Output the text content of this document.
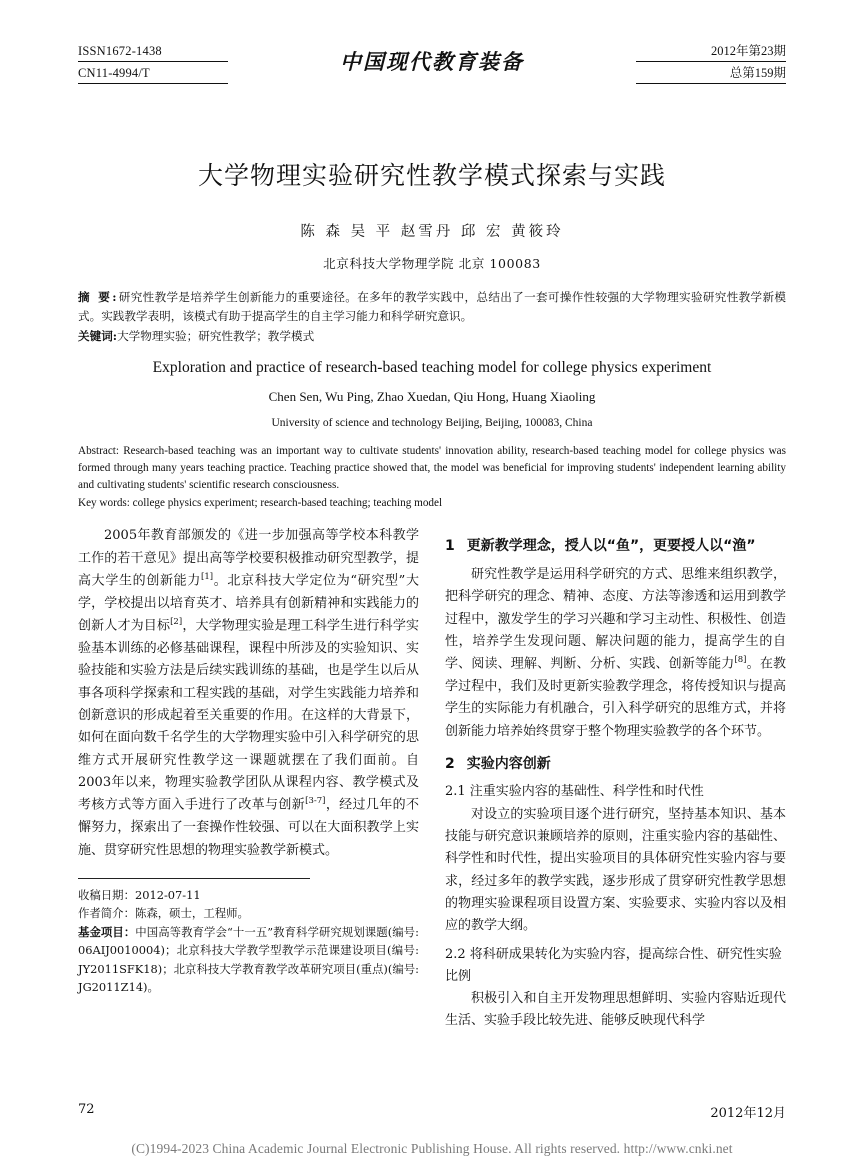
ISSN1672-1438
CN11-4994/T	中国现代教育装备	2012年第23期
总第159期
大学物理实验研究性教学模式探索与实践
陈 森 吴 平 赵雪丹 邱 宏 黄筱玲
北京科技大学物理学院 北京 100083
摘 要:研究性教学是培养学生创新能力的重要途径。在多年的教学实践中，总结出了一套可操作性较强的大学物理实验研究性教学新模式。实践教学表明，该模式有助于提高学生的自主学习能力和科学研究意识。
关键词:大学物理实验；研究性教学；教学模式
Exploration and practice of research-based teaching model for college physics experiment
Chen Sen, Wu Ping, Zhao Xuedan, Qiu Hong, Huang Xiaoling
University of science and technology Beijing, Beijing, 100083, China
Abstract: Research-based teaching was an important way to cultivate students' innovation ability, research-based teaching model for college physics was formed through many years teaching practice. Teaching practice showed that, the model was beneficial for improving students' independent learning ability and cultivating students' scientific research consciousness.
Key words: college physics experiment; research-based teaching; teaching model

2005年教育部颁发的《进一步加强高等学校本科教学工作的若干意见》提出高等学校要积极推动研究型教学，提高大学生的创新能力[1]。北京科技大学定位为“研究型”大学，学校提出以培育英才、培养具有创新精神和实践能力的创新人才为目标[2]，大学物理实验是理工科学生进行科学实验基本训练的必修基础课程，课程中所涉及的实验知识、实验技能和实验方法是后续实践训练的基础，也是学生以后从事各项科学探索和工程实践的基础，对学生实践能力培养和创新意识的形成起着至关重要的作用。在这样的大背景下，如何在面向数千名学生的大学物理实验中引入科学研究的思维方式开展研究性教学这一课题就摆在了我们面前。自2003年以来，物理实验教学团队从课程内容、教学模式及考核方式等方面入手进行了改革与创新[3-7]，经过几年的不懈努力，探索出了一套操作性较强、可以在大面积教学上实施、贯穿研究性思想的物理实验教学新模式。

收稿日期：2012-07-11
作者简介：陈森，硕士，工程师。
基金项目：中国高等教育学会“十一五”教育科学研究规划课题(编号: 06AIJ0010004)；北京科技大学教学型教学示范课建设项目(编号: JY2011SFK18)；北京科技大学教育教学改革研究项目(重点)(编号: JG2011Z14)。
1 更新教学理念，授人以“鱼”，更要授人以“渔”

研究性教学是运用科学研究的方式、思维来组织教学，把科学研究的理念、精神、态度、方法等渗透和运用到教学过程中，激发学生的学习兴趣和学习主动性、积极性、创造性，培养学生发现问题、解决问题的能力，提高学生的自学、阅读、理解、判断、分析、实践、创新等能力[8]。在教学过程中，我们及时更新实验教学理念，将传授知识与提高学生的实际能力有机融合，引入科学研究的思维方式，并将创新能力培养始终贯穿于整个物理实验教学的各个环节。

2 实验内容创新
2.1 注重实验内容的基础性、科学性和时代性

对设立的实验项目逐个进行研究，坚持基本知识、基本技能与研究意识兼顾培养的原则，注重实验内容的基础性、科学性和时代性，提出实验项目的具体研究性实验内容与要求，经过多年的教学实践，逐步形成了贯穿研究性教学思想的物理实验课程项目设置方案、实验要求、实验内容以及相应的教学大纲。

2.2 将科研成果转化为实验内容，提高综合性、研究性实验比例

积极引入和自主开发物理思想鲜明、实验内容贴近现代生活、实验手段比较先进、能够反映现代科学

72	2012年12月
(C)1994-2023 China Academic Journal Electronic Publishing House. All rights reserved. http://www.cnki.net
